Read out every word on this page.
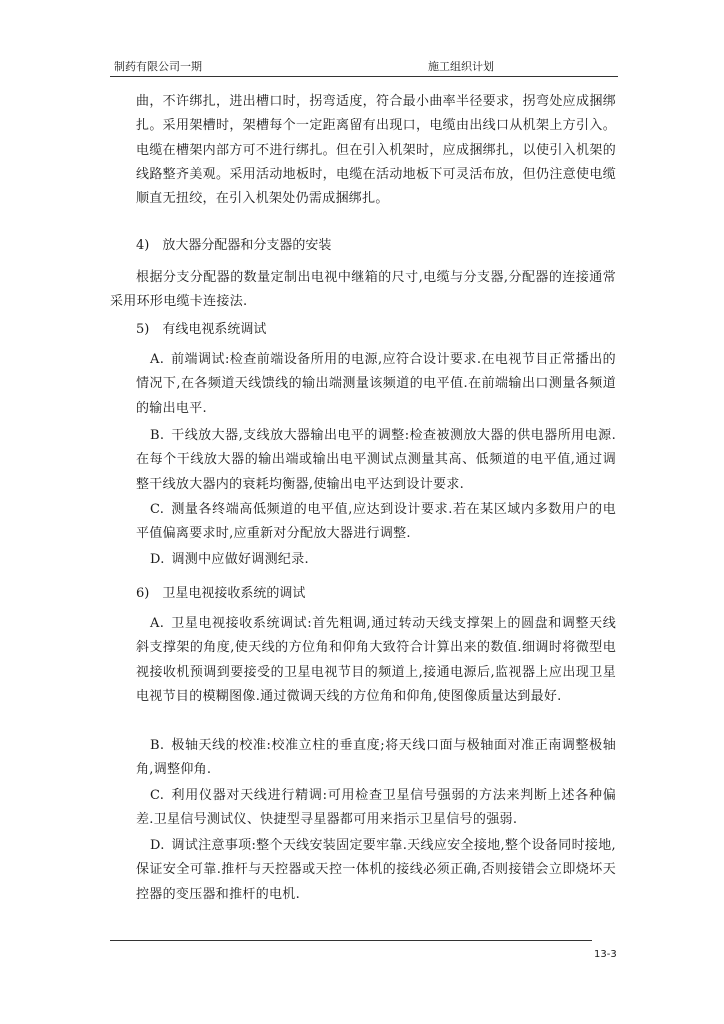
制药有限公司一期	施工组织计划
曲，不许绑扎，进出槽口时，拐弯适度，符合最小曲率半径要求，拐弯处应成捆绑扎。采用架槽时，架槽每个一定距离留有出现口，电缆由出线口从机架上方引入。电缆在槽架内部方可不进行绑扎。但在引入机架时，应成捆绑扎，以使引入机架的线路整齐美观。采用活动地板时，电缆在活动地板下可灵活布放，但仍注意使电缆顺直无扭绞，在引入机架处仍需成捆绑扎。
4)　放大器分配器和分支器的安装
根据分支分配器的数量定制出电视中继箱的尺寸,电缆与分支器,分配器的连接通常采用环形电缆卡连接法.
5)　有线电视系统调试
A. 前端调试:检查前端设备所用的电源,应符合设计要求.在电视节目正常播出的情况下,在各频道天线馈线的输出端测量该频道的电平值.在前端输出口测量各频道的输出电平.
B. 干线放大器,支线放大器输出电平的调整:检查被测放大器的供电器所用电源.在每个干线放大器的输出端或输出电平测试点测量其高、低频道的电平值,通过调整干线放大器内的衰耗均衡器,使输出电平达到设计要求.
C. 测量各终端高低频道的电平值,应达到设计要求.若在某区域内多数用户的电平值偏离要求时,应重新对分配放大器进行调整.
D. 调测中应做好调测纪录.
6)　卫星电视接收系统的调试
A. 卫星电视接收系统调试:首先粗调,通过转动天线支撑架上的圆盘和调整天线斜支撑架的角度,使天线的方位角和仰角大致符合计算出来的数值.细调时将微型电视接收机预调到要接受的卫星电视节目的频道上,接通电源后,监视器上应出现卫星电视节目的模糊图像.通过微调天线的方位角和仰角,使图像质量达到最好.
B. 极轴天线的校准:校准立柱的垂直度;将天线口面与极轴面对准正南调整极轴角,调整仰角.
C. 利用仪器对天线进行精调:可用检查卫星信号强弱的方法来判断上述各种偏差.卫星信号测试仪、快捷型寻星器都可用来指示卫星信号的强弱.
D. 调试注意事项:整个天线安装固定要牢靠.天线应安全接地,整个设备同时接地,保证安全可靠.推杆与天控器或天控一体机的接线必须正确,否则接错会立即烧坏天控器的变压器和推杆的电机.
13-3
